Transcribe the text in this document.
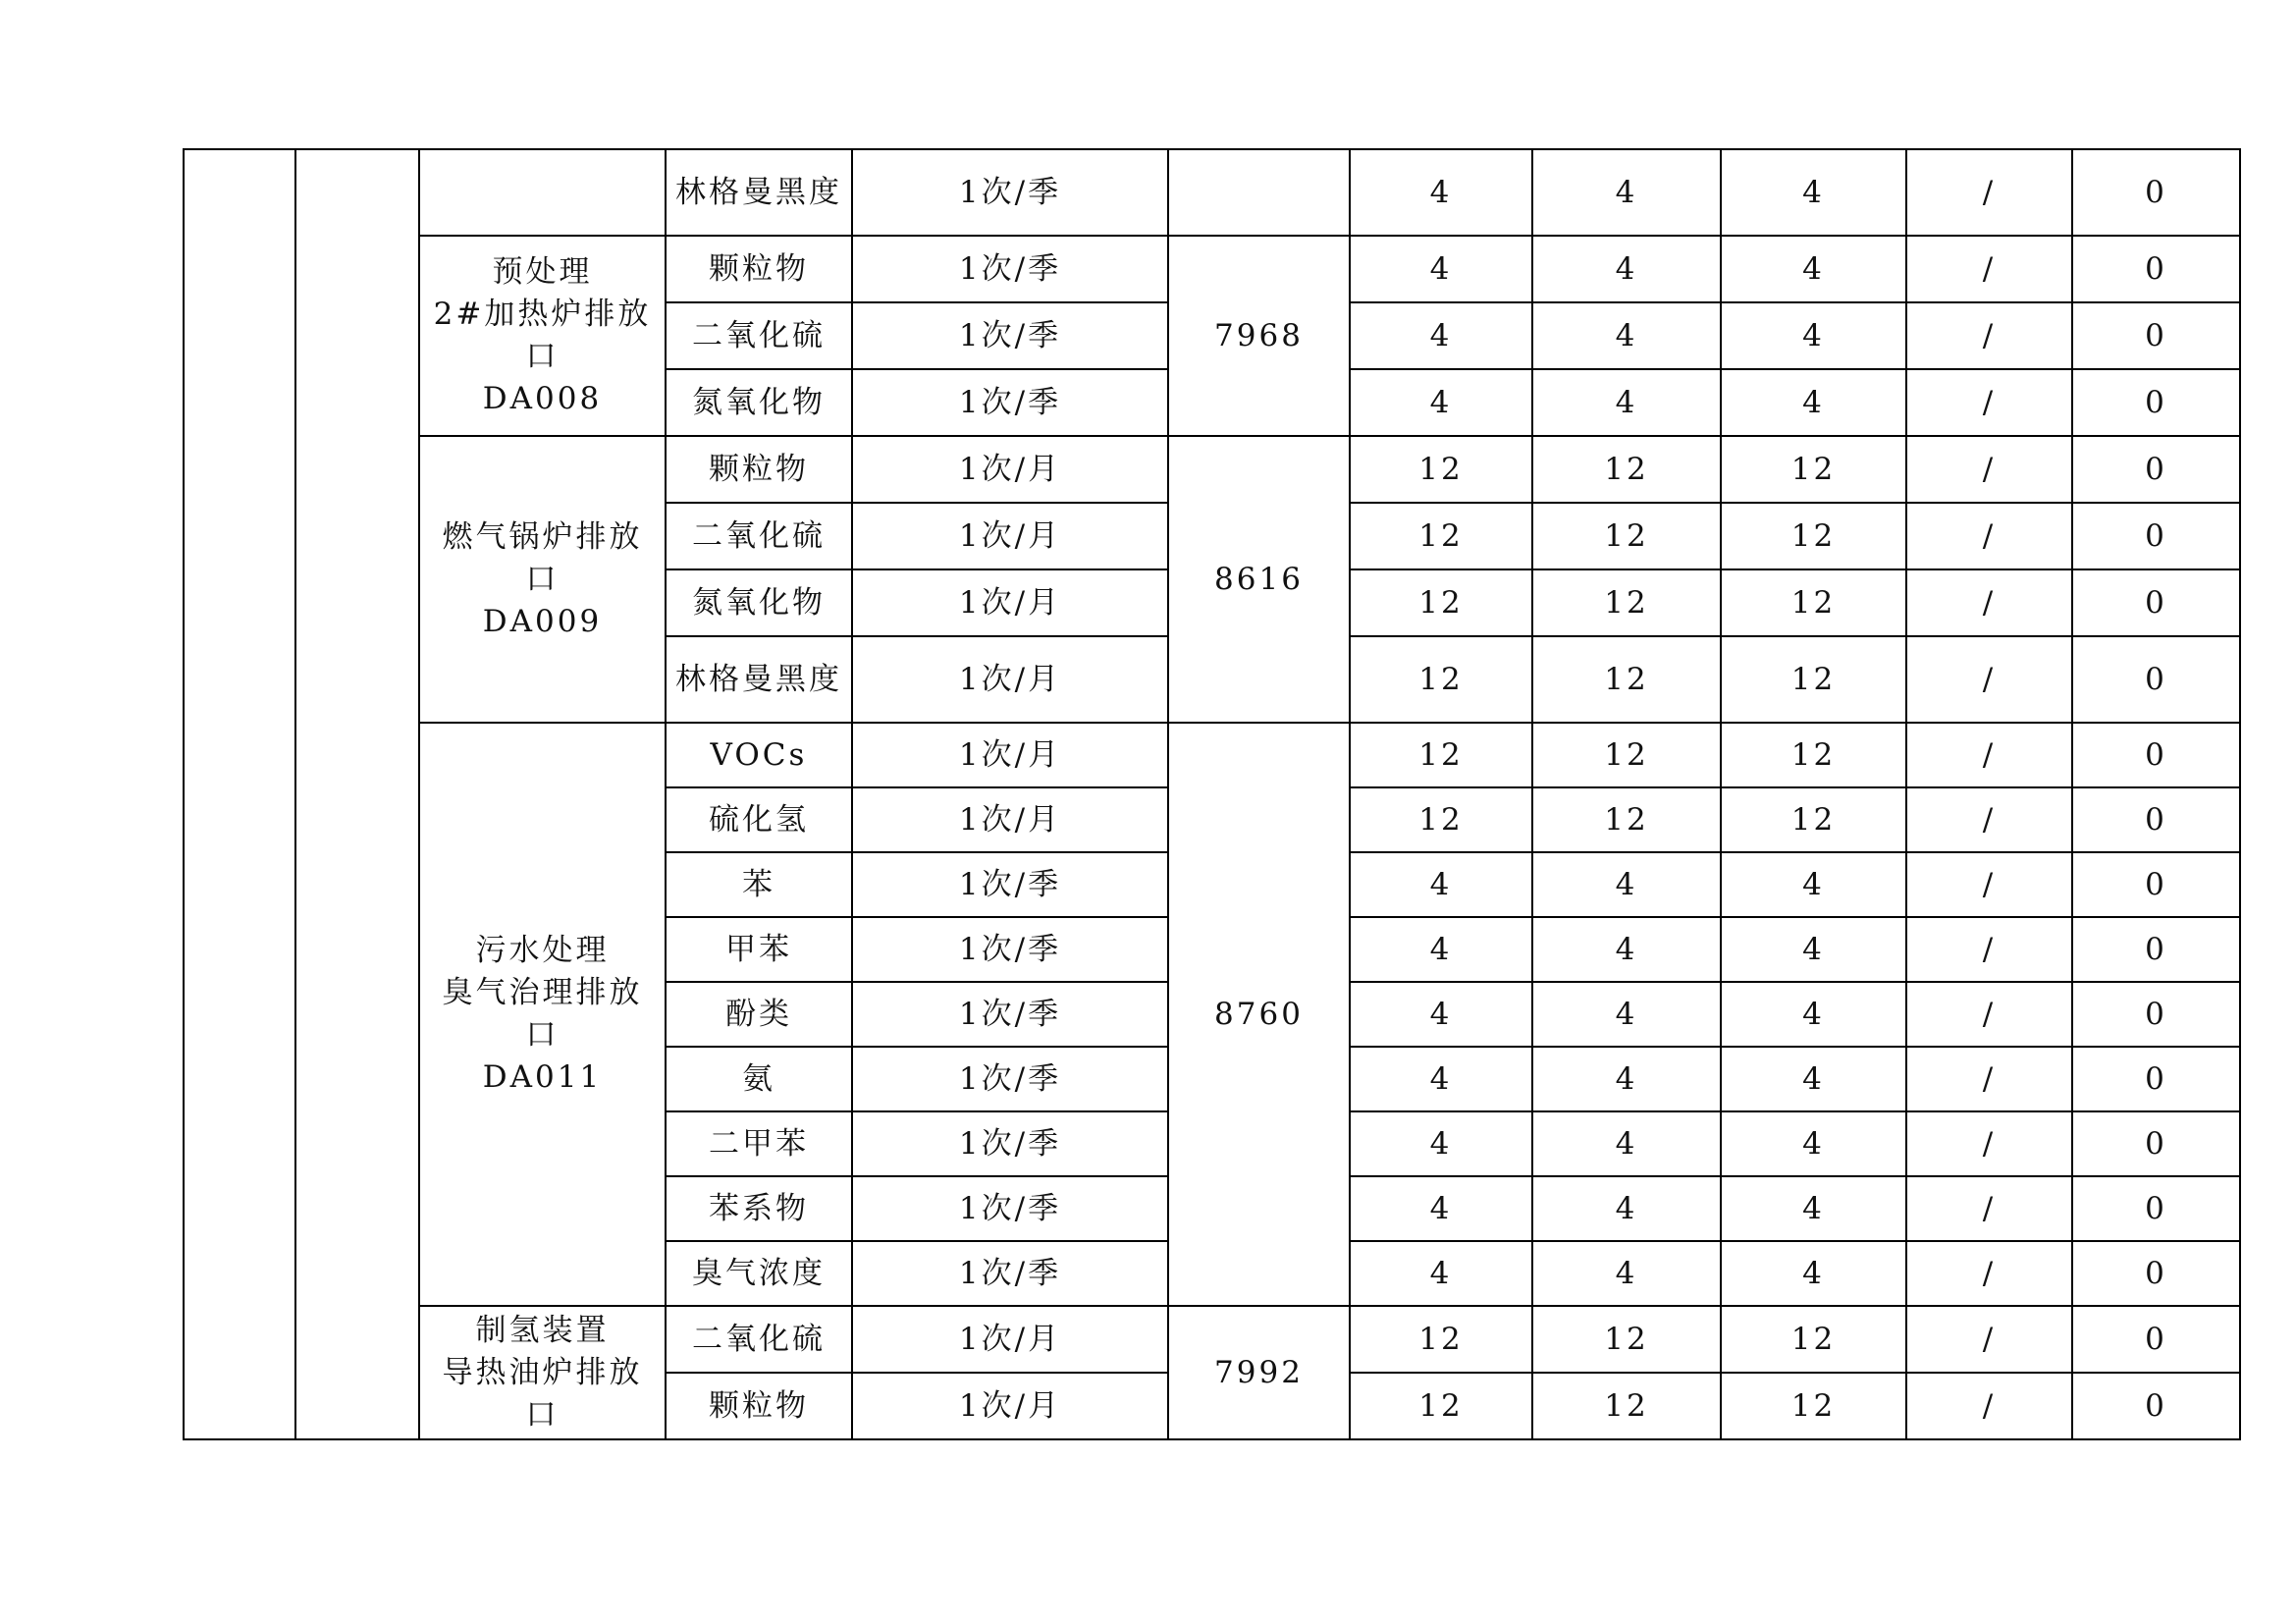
			林格曼黑度	1次/季		4	4	4	/	0

		预处理
2#加热炉排放
口
DA008	颗粒物	1次/季	7968	4	4	4	/	0
			二氧化硫	1次/季		4	4	4	/	0
			氮氧化物	1次/季		4	4	4	/	0

		燃气锅炉排放
口
DA009	颗粒物	1次/月	8616	12	12	12	/	0
			二氧化硫	1次/月		12	12	12	/	0
			氮氧化物	1次/月		12	12	12	/	0
			林格曼黑度	1次/月		12	12	12	/	0

		污水处理
臭气治理排放
口
DA011	VOCs	1次/月	8760	12	12	12	/	0
			硫化氢	1次/月		12	12	12	/	0
			苯	1次/季		4	4	4	/	0
			甲苯	1次/季		4	4	4	/	0
			酚类	1次/季		4	4	4	/	0
			氨	1次/季		4	4	4	/	0
			二甲苯	1次/季		4	4	4	/	0
			苯系物	1次/季		4	4	4	/	0
			臭气浓度	1次/季		4	4	4	/	0

		制氢装置
导热油炉排放
口	二氧化硫	1次/月	7992	12	12	12	/	0
			颗粒物	1次/月		12	12	12	/	0
